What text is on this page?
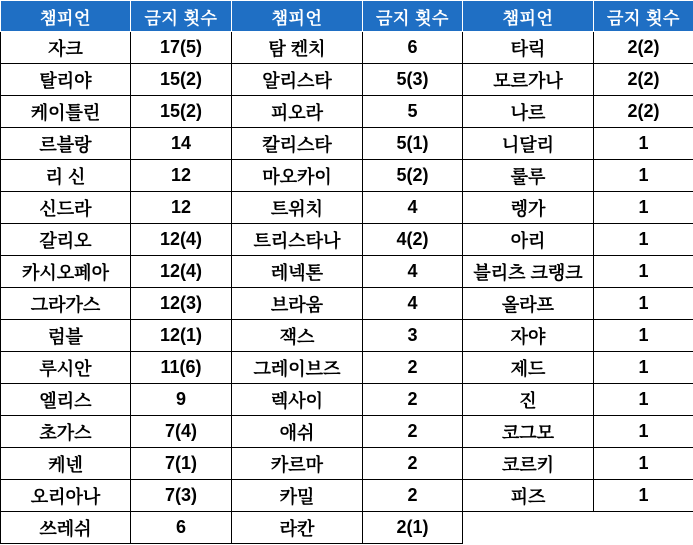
챔피언	금지 횟수	챔피언	금지 횟수	챔피언	금지 횟수
자크	17(5)	탐 켄치	6	타릭	2(2)
탈리야	15(2)	알리스타	5(3)	모르가나	2(2)
케이틀린	15(2)	피오라	5	나르	2(2)
르블랑	14	칼리스타	5(1)	니달리	1
리 신	12	마오카이	5(2)	룰루	1
신드라	12	트위치	4	렝가	1
갈리오	12(4)	트리스타나	4(2)	아리	1
카시오페아	12(4)	레넥톤	4	블리츠 크랭크	1
그라가스	12(3)	브라움	4	올라프	1
럼블	12(1)	잭스	3	자야	1
루시안	11(6)	그레이브즈	2	제드	1
엘리스	9	렉사이	2	진	1
초가스	7(4)	애쉬	2	코그모	1
케넨	7(1)	카르마	2	코르키	1
오리아나	7(3)	카밀	2	피즈	1
쓰레쉬	6	라칸	2(1)		
